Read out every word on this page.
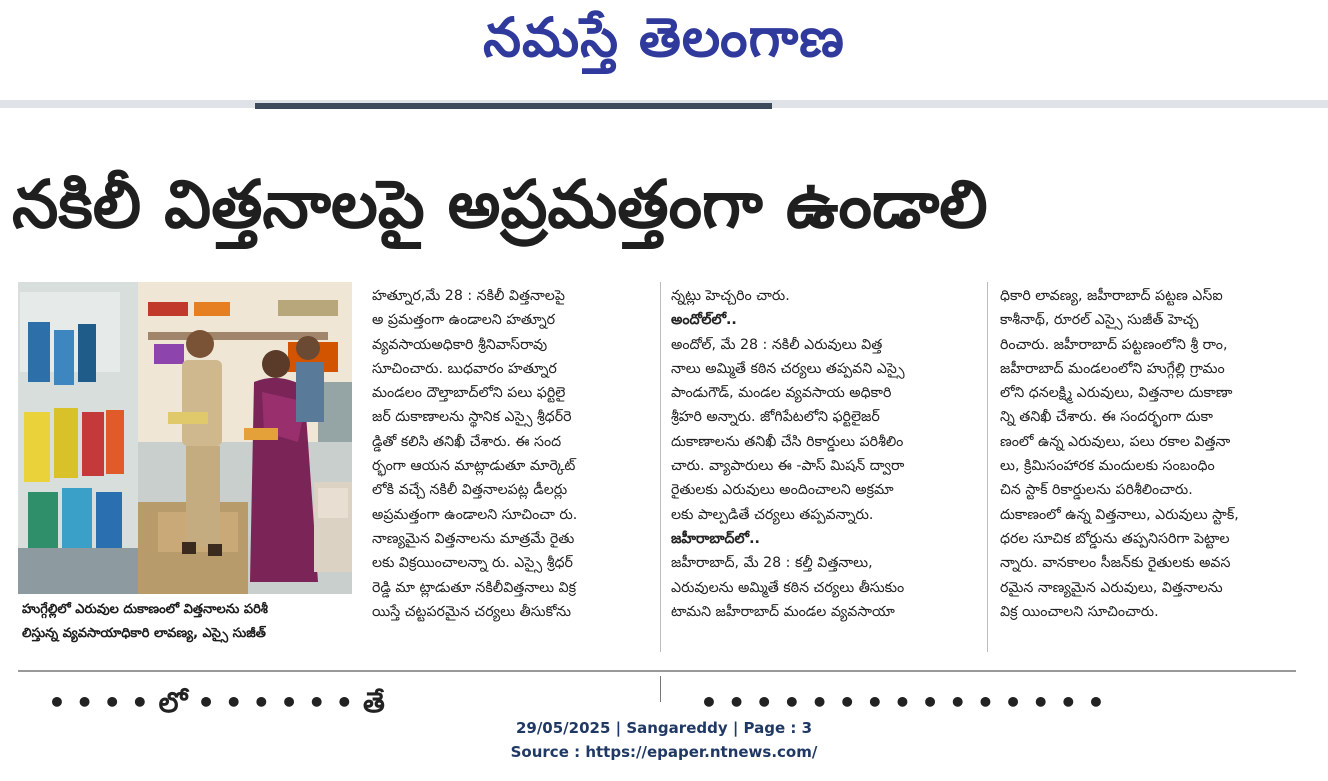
నమస్తే తెలంగాణ
నకిలీ విత్తనాలపై అప్రమత్తంగా ఉండాలి
హుగ్గేల్లిలో ఎరువుల దుకాణంలో విత్తనాలను పరిశీ
లిస్తున్న వ్యవసాయాధికారి లావణ్య, ఎస్సై సుజీత్

హత్నూర,మే 28 : నకిలీ విత్తనాలపై

అ ప్రమత్తంగా ఉండాలని హత్నూర

వ్యవసాయఅధికారి శ్రీనివాస్‌రావు

సూచించారు. బుధవారం హత్నూర

మండలం దౌల్తాబాద్‌లోని పలు ఫర్టిలై

జర్ దుకాణాలను స్థానిక ఎస్సై శ్రీధర్‌రె

డ్డితో కలిసి తనిఖీ చేశారు. ఈ సంద

ర్భంగా ఆయన మాట్లాడుతూ మార్కెట్

లోకి వచ్చే నకిలీ విత్తనాలపట్ల డీలర్లు

అప్రమత్తంగా ఉండాలని సూచించా రు.

నాణ్యమైన విత్తనాలను మాత్రమే రైతు

లకు విక్రయించాలన్నా రు. ఎస్సై శ్రీధర్

రెడ్డి మా ట్లాడుతూ నకిలీవిత్తనాలు విక్ర

యిస్తే చట్టపరమైన చర్యలు తీసుకోను

న్నట్లు హెచ్చరిం చారు.

అందోల్‌లో..

అందోల్, మే 28 : నకిలీ ఎరువులు విత్త

నాలు అమ్మితే కఠిన చర్యలు తప్పవని ఎస్సై

పాండుగౌడ్, మండల వ్యవసాయ అధికారి

శ్రీహరి అన్నారు. జోగిపేటలోని ఫర్టిలైజర్

దుకాణాలను తనిఖీ చేసి రికార్డులు పరిశీలిం

చారు. వ్యాపారులు ఈ -పాస్ మిషన్ ద్వారా

రైతులకు ఎరువులు అందించాలని అక్రమా

లకు పాల్పడితే చర్యలు తప్పవన్నారు.

జహీరాబాద్‌లో..

జహీరాబాద్, మే 28 : కల్తీ విత్తనాలు,

ఎరువులను అమ్మితే కఠిన చర్యలు తీసుకుం

టామని జహీరాబాద్ మండల వ్యవసాయా

ధికారి లావణ్య, జహీరాబాద్ పట్టణ ఎస్ఐ

కాశీనాథ్, రూరల్ ఎస్సై సుజీత్ హెచ్చ

రించారు. జహీరాబాద్ పట్టణంలోని శ్రీ రాం,

జహీరాబాద్ మండలంలోని హుగ్గేల్లి గ్రామం

లోని ధనలక్ష్మి ఎరువులు, విత్తనాల దుకాణా

న్ని తనిఖీ చేశారు. ఈ సందర్భంగా దుకా

ణంలో ఉన్న ఎరువులు, పలు రకాల విత్తనా

లు, క్రిమిసంహారక మందులకు సంబంధిం

చిన స్టాక్ రికార్డులను పరిశీలించారు.

దుకాణంలో ఉన్న విత్తనాలు, ఎరువులు స్టాక్,

ధరల సూచిక బోర్డును తప్పనిసరిగా పెట్టాల

న్నారు. వానకాలం సీజన్‌కు రైతులకు అవస

రమైన నాణ్యమైన ఎరువులు, విత్తనాలను

విక్ర యించాలని సూచించారు.

• • • • లో • • • • • • తే	• • • • • • • • • • • • • • •
29/05/2025 | Sangareddy | Page : 3
Source : https://epaper.ntnews.com/
